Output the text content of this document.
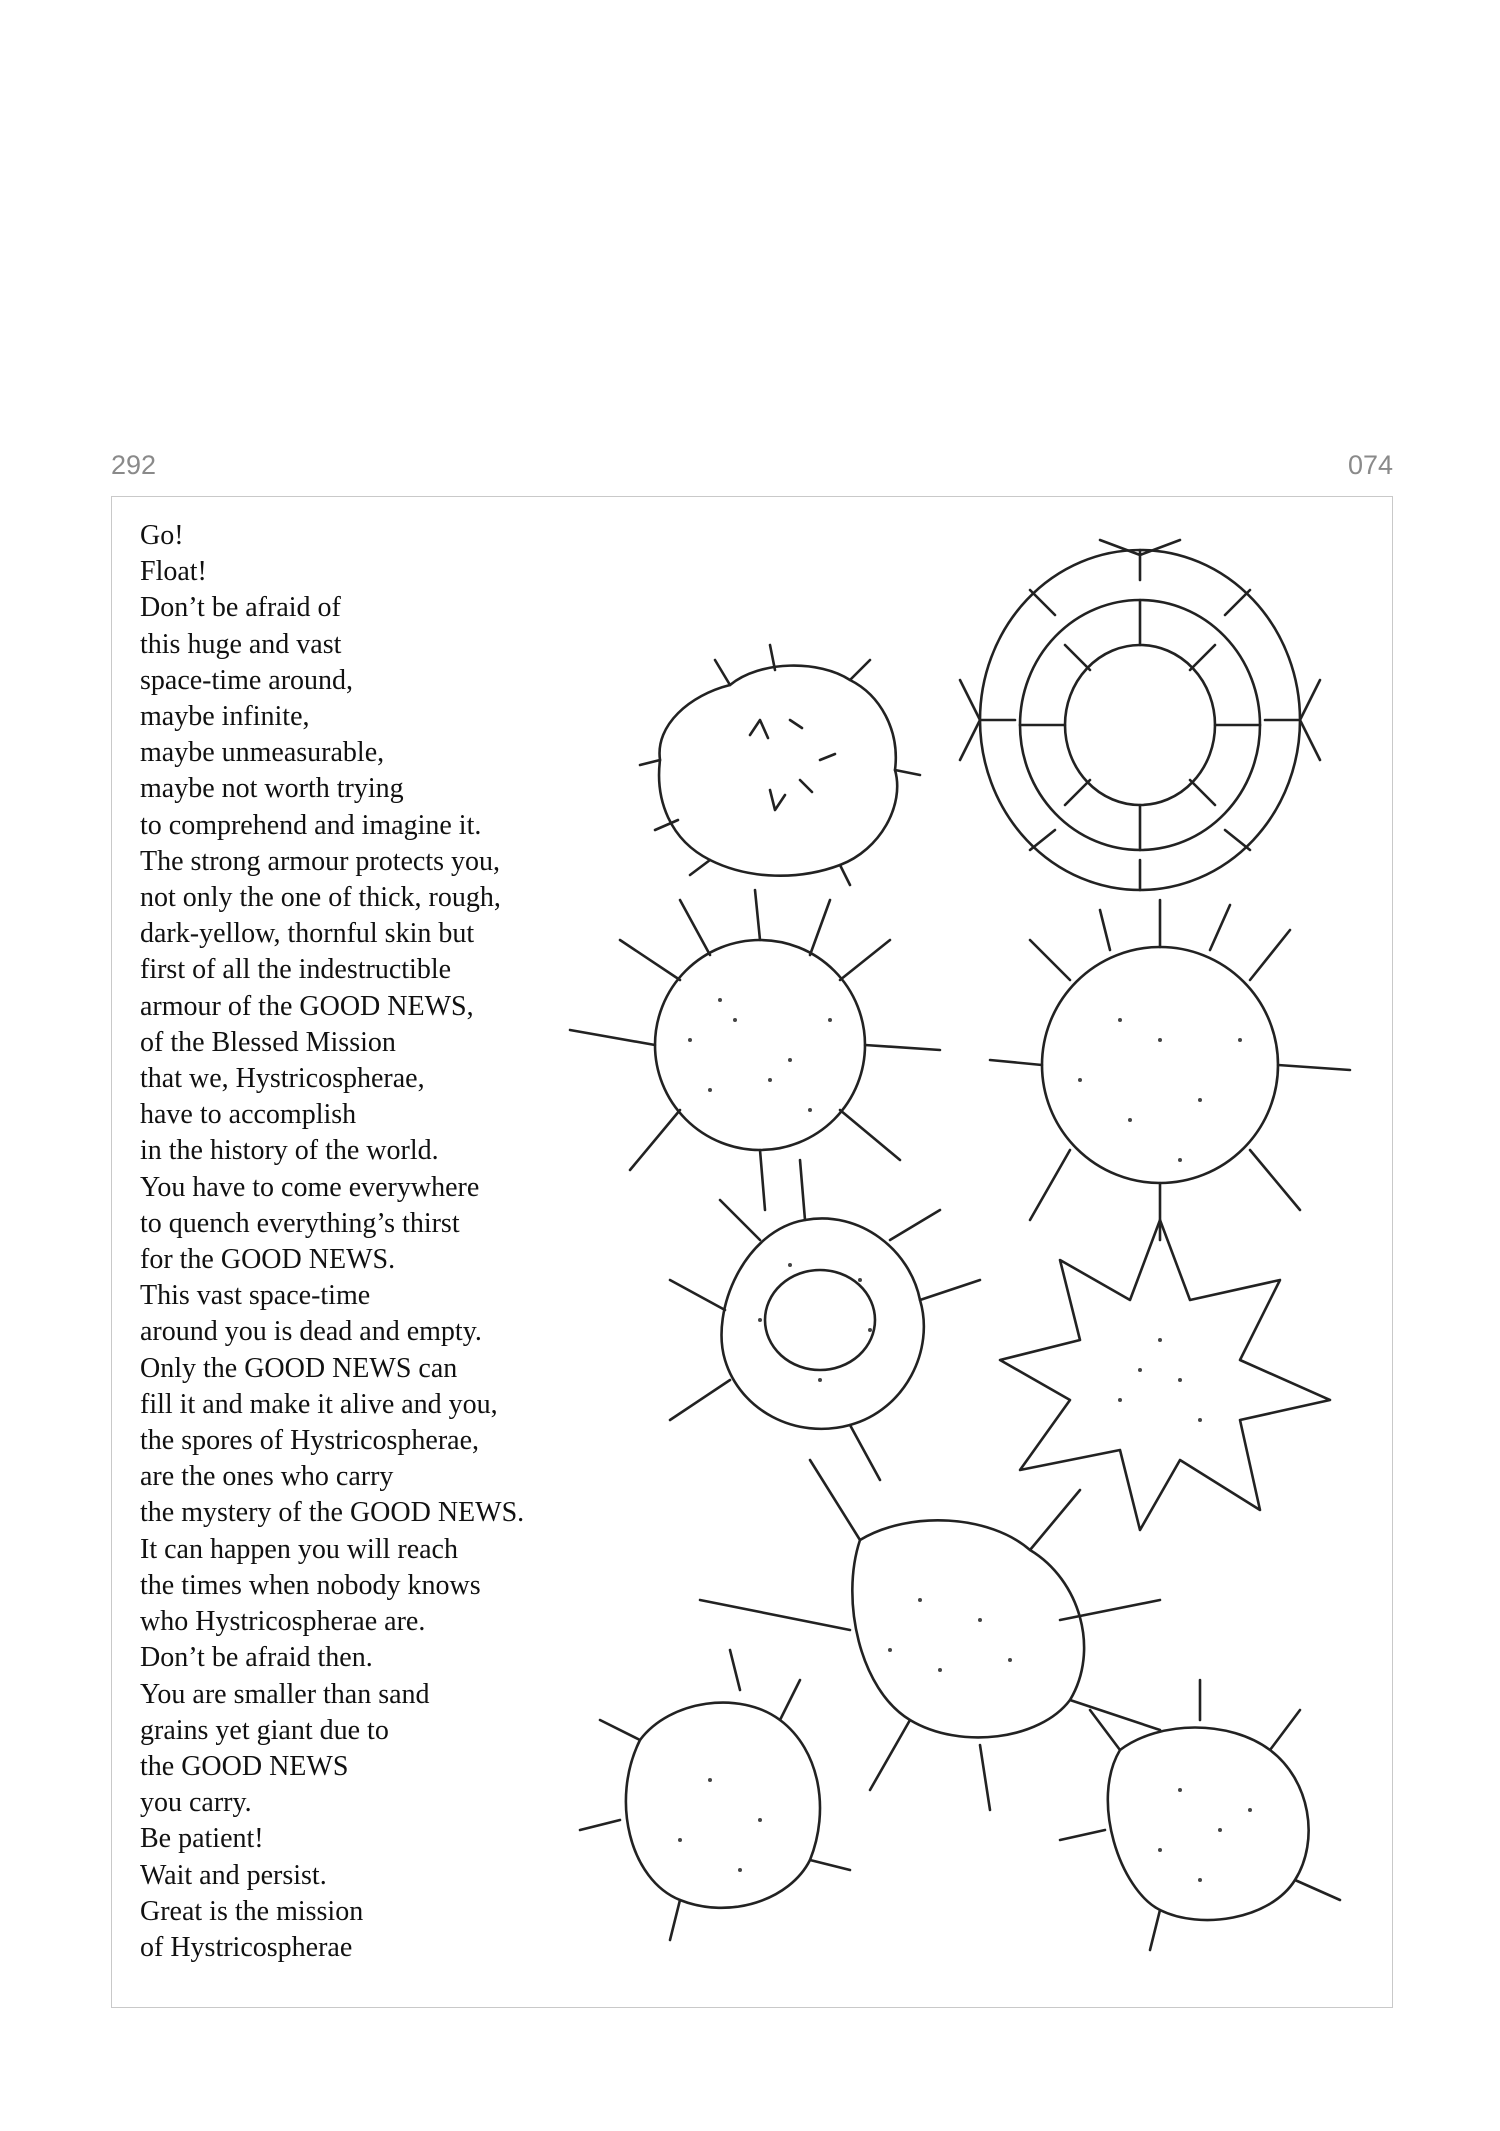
292	074
Go!
Float!
Don’t be afraid of
this huge and vast
space-time around,
maybe infinite,
maybe unmeasurable,
maybe not worth trying
to comprehend and imagine it.
The strong armour protects you,
not only the one of thick, rough,
dark-yellow, thornful skin but
first of all the indestructible
armour of the GOOD NEWS,
of the Blessed Mission
that we, Hystricospherae,
have to accomplish
in the history of the world.
You have to come everywhere
to quench everything’s thirst
for the GOOD NEWS.
This vast space-time
around you is dead and empty.
Only the GOOD NEWS can
fill it and make it alive and you,
the spores of Hystricospherae,
are the ones who carry
the mystery of the GOOD NEWS.
It can happen you will reach
the times when nobody knows
who Hystricospherae are.
Don’t be afraid then.
You are smaller than sand
grains yet giant due to
the GOOD NEWS
you carry.
Be patient!
Wait and persist.
Great is the mission
of Hystricospherae
